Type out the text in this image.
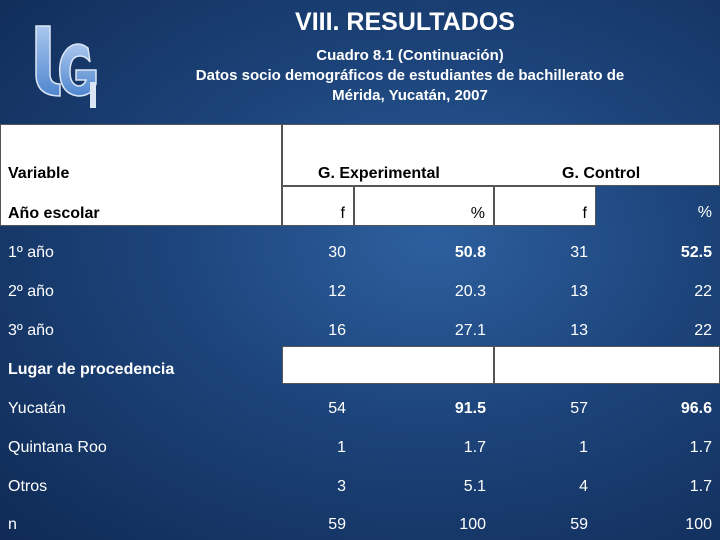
VIII. RESULTADOS
Cuadro 8.1 (Continuación)
Datos socio demográficos de estudiantes de bachillerato de
Mérida, Yucatán, 2007
Variable	G. Experimental	G. Control
Año escolar	f	%	f	%
1º año	30	50.8	31	52.5
2º año	12	20.3	13	22
3º año	16	27.1	13	22
Lugar de procedencia
Yucatán	54	91.5	57	96.6
Quintana Roo	1	1.7	1	1.7
Otros	3	5.1	4	1.7
n	59	100	59	100
